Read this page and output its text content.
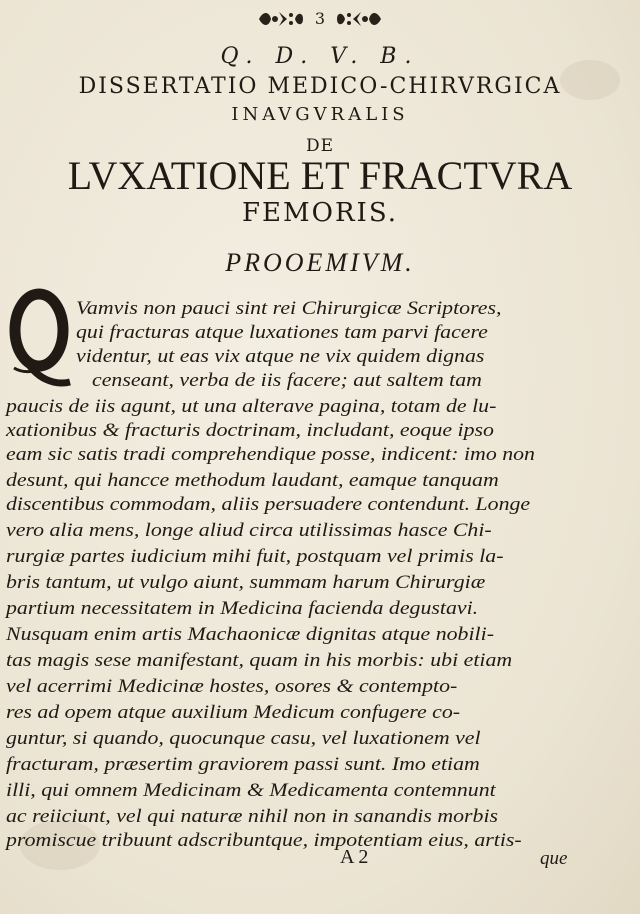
3
Q. D. V. B.
DISSERTATIO MEDICO-CHIRVRGICA
INAVGVRALIS
DE
LVXATIONE ET FRACTVRA
FEMORIS.
PROOEMIVM.
Vamvis non pauci sint rei Chirurgicæ Scriptores,
qui fracturas atque luxationes tam parvi facere
videntur, ut eas vix atque ne vix quidem dignas
censeant, verba de iis facere; aut saltem tam
paucis de iis agunt, ut una alterave pagina, totam de lu-
xationibus & fracturis doctrinam, includant, eoque ipso
eam sic satis tradi comprehendique posse, indicent: imo non
desunt, qui hancce methodum laudant, eamque tanquam
discentibus commodam, aliis persuadere contendunt. Longe
vero alia mens, longe aliud circa utilissimas hasce Chi-
rurgiæ partes iudicium mihi fuit, postquam vel primis la-
bris tantum, ut vulgo aiunt, summam harum Chirurgiæ
partium necessitatem in Medicina facienda degustavi.
Nusquam enim artis Machaonicæ dignitas atque nobili-
tas magis sese manifestant, quam in his morbis: ubi etiam
vel acerrimi Medicinæ hostes, osores & contempto-
res ad opem atque auxilium Medicum confugere co-
guntur, si quando, quocunque casu, vel luxationem vel
fracturam, præsertim graviorem passi sunt. Imo etiam
illi, qui omnem Medicinam & Medicamenta contemnunt
ac reiiciunt, vel qui naturæ nihil non in sanandis morbis
promiscue tribuunt adscribuntque, impotentiam eius, artis-
A 2	que
